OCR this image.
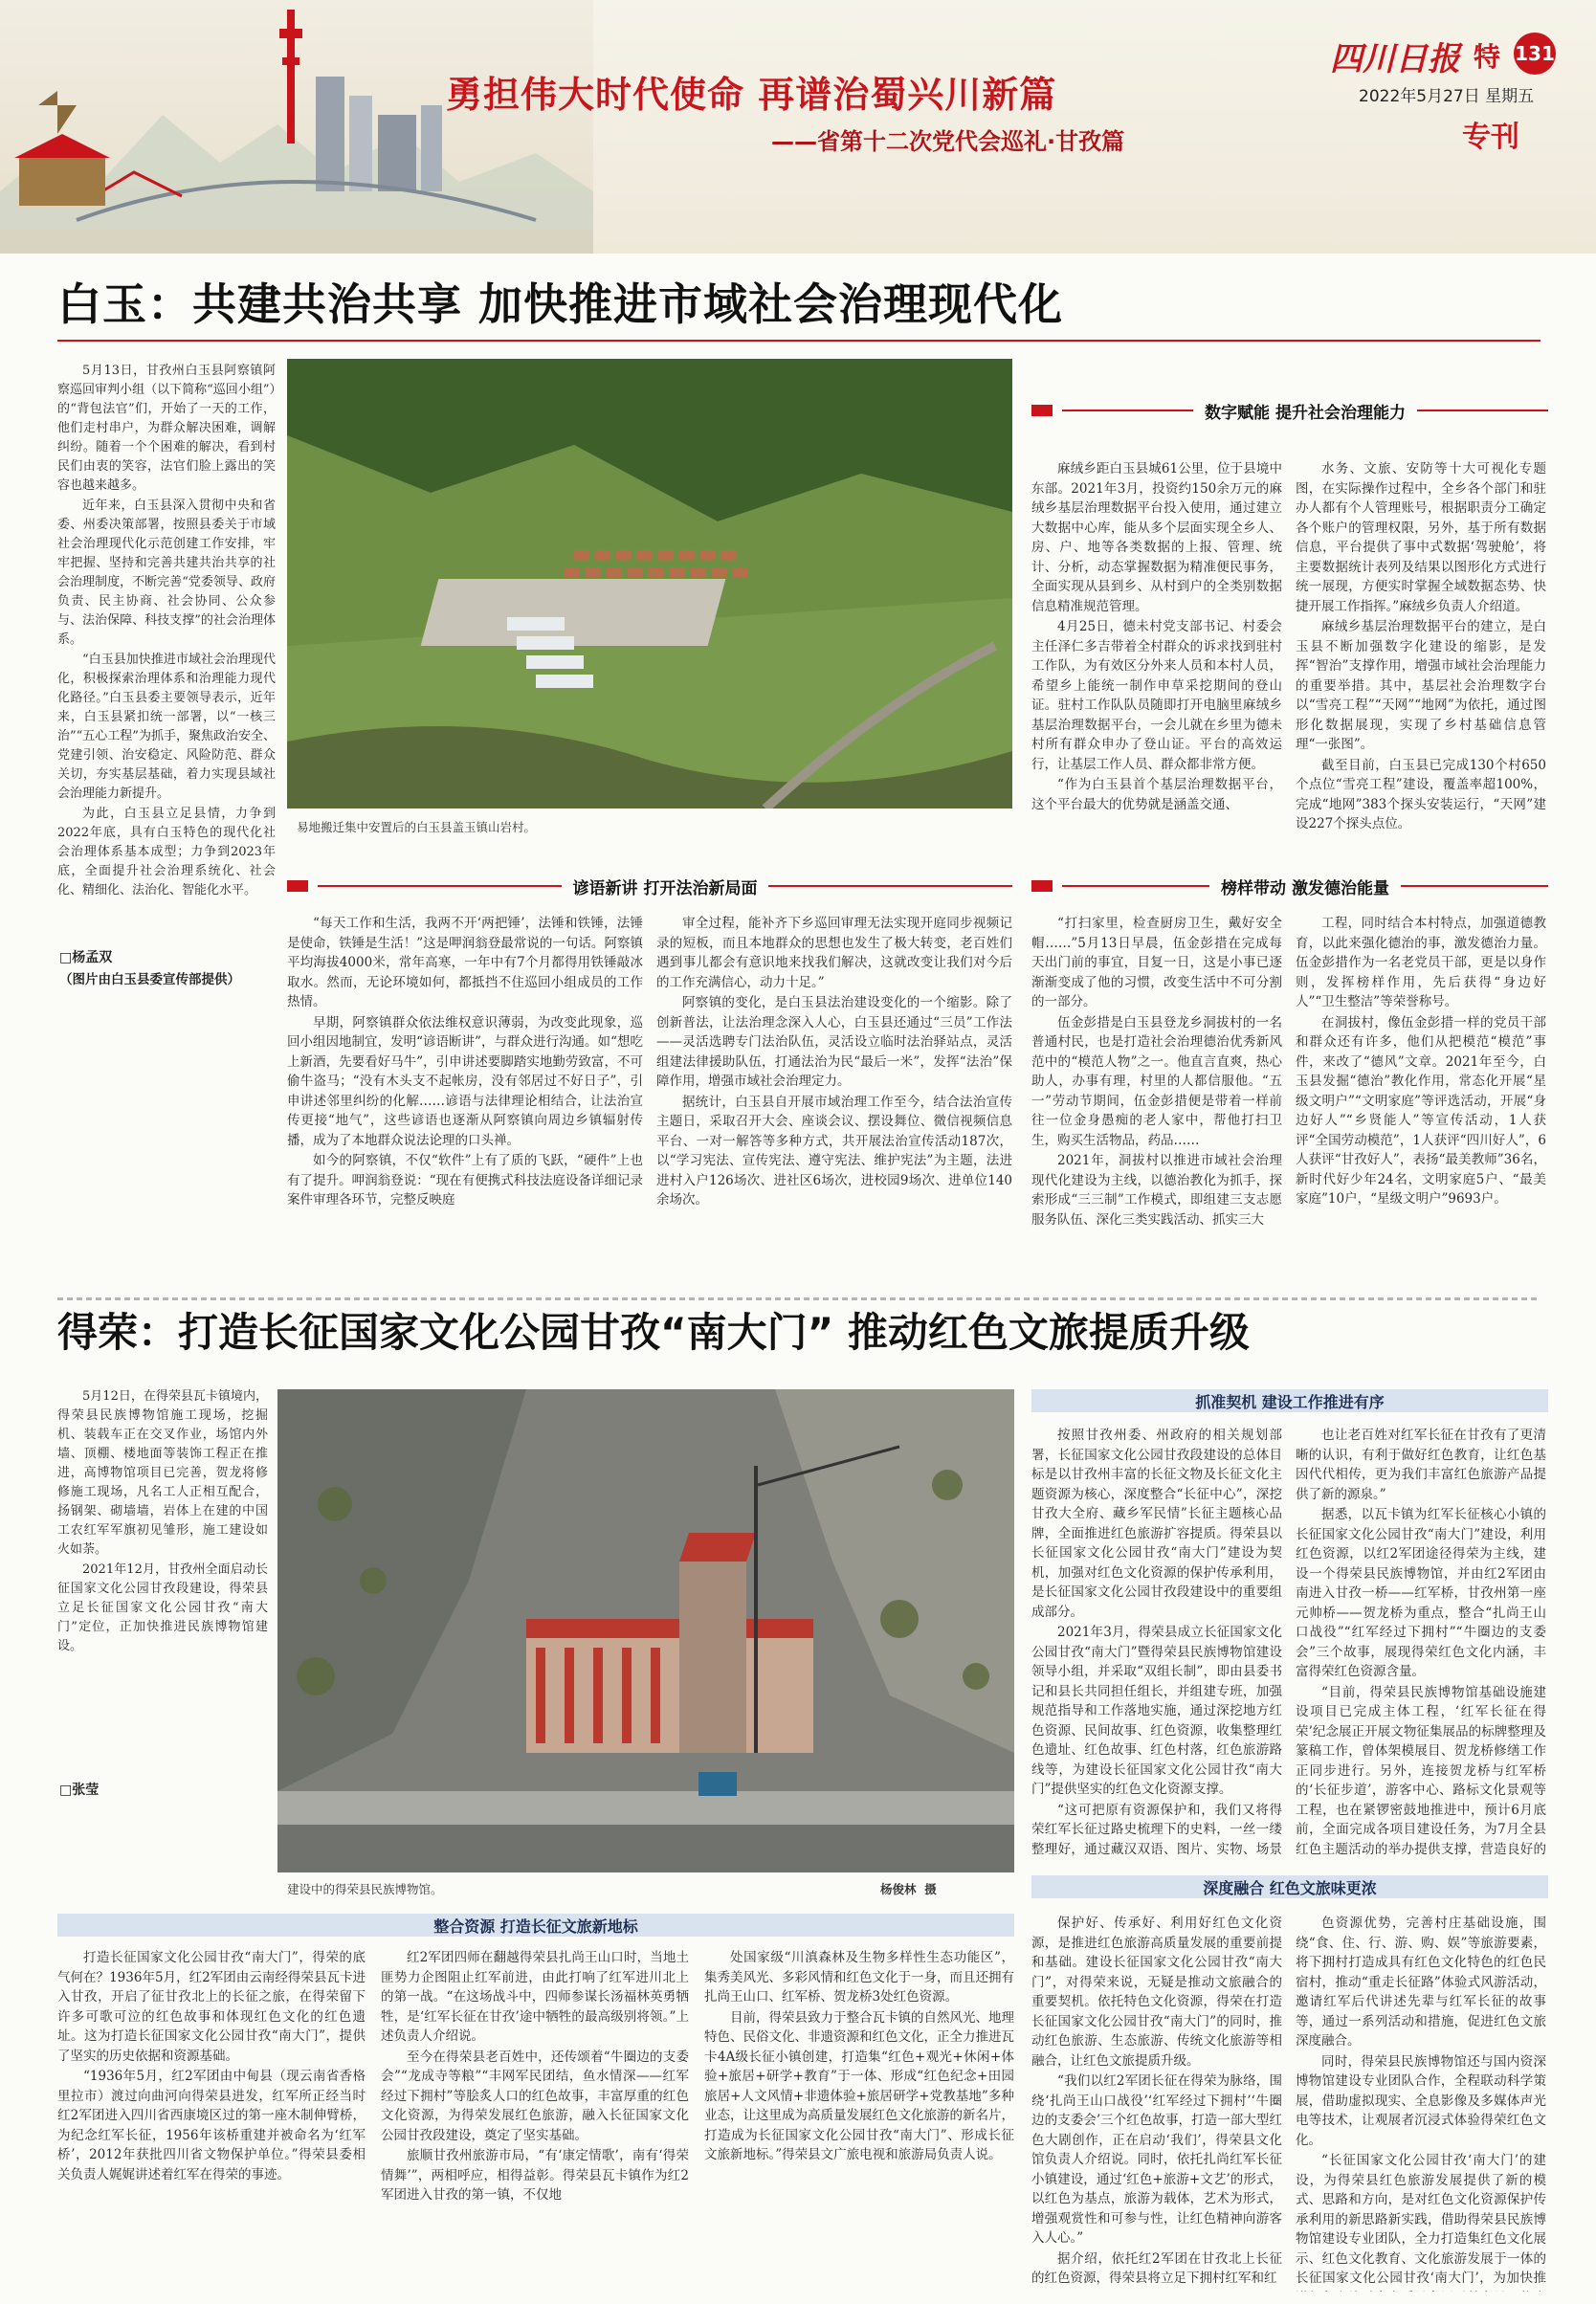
勇担伟大时代使命 再谱治蜀兴川新篇
——省第十二次党代会巡礼·甘孜篇
四川日报 特 131
2022年5月27日 星期五
专刊
白玉：共建共治共享 加快推进市域社会治理现代化

5月13日，甘孜州白玉县阿察镇阿察巡回审判小组（以下简称“巡回小组”）的“背包法官”们，开始了一天的工作，他们走村串户，为群众解决困难，调解纠纷。随着一个个困难的解决，看到村民们由衷的笑容，法官们脸上露出的笑容也越来越多。

近年来，白玉县深入贯彻中央和省委、州委决策部署，按照县委关于市域社会治理现代化示范创建工作安排，牢牢把握、坚持和完善共建共治共享的社会治理制度，不断完善“党委领导、政府负责、民主协商、社会协同、公众参与、法治保障、科技支撑”的社会治理体系。

“白玉县加快推进市域社会治理现代化，积极探索治理体系和治理能力现代化路径。”白玉县委主要领导表示，近年来，白玉县紧扣统一部署，以“一核三治”“五心工程”为抓手，聚焦政治安全、党建引领、治安稳定、风险防范、群众关切，夯实基层基础，着力实现县域社会治理能力新提升。

为此，白玉县立足县情，力争到2022年底，具有白玉特色的现代化社会治理体系基本成型；力争到2023年底，全面提升社会治理系统化、社会化、精细化、法治化、智能化水平。

□杨孟双
（图片由白玉县委宣传部提供）
易地搬迁集中安置后的白玉县盖玉镇山岩村。
谚语新讲 打开法治新局面

“每天工作和生活，我两不开‘两把锤’，法锤和铁锤，法锤是使命，铁锤是生活！”这是呷润翁登最常说的一句话。阿察镇平均海拔4000米，常年高寒，一年中有7个月都得用铁锤敲冰取水。然而，无论环境如何，都抵挡不住巡回小组成员的工作热情。

早期，阿察镇群众依法维权意识薄弱，为改变此现象，巡回小组因地制宜，发明“谚语断讲”，与群众进行沟通。如“想吃上新酒，先要看好马牛”，引申讲述要脚踏实地勤劳致富，不可偷牛盗马；“没有木头支不起帐房，没有邻居过不好日子”，引申讲述邻里纠纷的化解……谚语与法律理论相结合，让法治宣传更接“地气”，这些谚语也逐渐从阿察镇向周边乡镇辐射传播，成为了本地群众说法论理的口头禅。

如今的阿察镇，不仅“软件”上有了质的飞跃，“硬件”上也有了提升。呷润翁登说：“现在有便携式科技法庭设备详细记录案件审理各环节，完整反映庭

审全过程，能补齐下乡巡回审理无法实现开庭同步视频记录的短板，而且本地群众的思想也发生了极大转变，老百姓们遇到事儿都会有意识地来找我们解决，这就改变让我们对今后的工作充满信心，动力十足。”

阿察镇的变化，是白玉县法治建设变化的一个缩影。除了创新普法，让法治理念深入人心，白玉县还通过“三员”工作法——灵活选聘专门法治队伍，灵活设立临时法治驿站点，灵活组建法律援助队伍，打通法治为民“最后一米”，发挥“法治”保障作用，增强市域社会治理定力。

据统计，白玉县自开展市域治理工作至今，结合法治宣传主题日，采取召开大会、座谈会议、摆设舞位、微信视频信息平台、一对一解答等多种方式，共开展法治宣传活动187次，以“学习宪法、宣传宪法、遵守宪法、维护宪法”为主题，法进进村入户126场次、进社区6场次，进校园9场次、进单位140余场次。

数字赋能 提升社会治理能力

麻绒乡距白玉县城61公里，位于县境中东部。2021年3月，投资约150余万元的麻绒乡基层治理数据平台投入使用，通过建立大数据中心库，能从多个层面实现全乡人、房、户、地等各类数据的上报、管理、统计、分析，动态掌握数据为精准便民事务，全面实现从县到乡、从村到户的全类别数据信息精准规范管理。

4月25日，德未村党支部书记、村委会主任泽仁多吉带着全村群众的诉求找到驻村工作队，为有效区分外来人员和本村人员，希望乡上能统一制作申草采挖期间的登山证。驻村工作队队员随即打开电脑里麻绒乡基层治理数据平台，一会儿就在乡里为德未村所有群众申办了登山证。平台的高效运行，让基层工作人员、群众都非常方便。

“作为白玉县首个基层治理数据平台，这个平台最大的优势就是涵盖交通、

水务、文旅、安防等十大可视化专题图，在实际操作过程中，全乡各个部门和驻办人都有个人管理账号，根据职责分工确定各个账户的管理权限，另外，基于所有数据信息，平台提供了事中式数据‘驾驶舱’，将主要数据统计表列及结果以图形化方式进行统一展现，方便实时掌握全域数据态势、快捷开展工作指挥。”麻绒乡负责人介绍道。

麻绒乡基层治理数据平台的建立，是白玉县不断加强数字化建设的缩影，是发挥“智治”支撑作用，增强市域社会治理能力的重要举措。其中，基层社会治理数字台以“雪亮工程”“天网”“地网”为依托，通过图形化数据展现，实现了乡村基础信息管理“一张图”。

截至目前，白玉县已完成130个村650个点位“雪亮工程”建设，覆盖率超100%，完成“地网”383个探头安装运行，“天网”建设227个探头点位。

榜样带动 激发德治能量

“打扫家里，检查厨房卫生，戴好安全帽……”5月13日早晨，伍金彭措在完成每天出门前的事宜，目复一日，这是小事已逐渐渐变成了他的习惯，改变生活中不可分割的一部分。

伍金彭措是白玉县登龙乡洞拔村的一名普通村民，也是打造社会治理德治优秀新风范中的“模范人物”之一。他直言直爽，热心助人，办事有理，村里的人都信服他。“五一”劳动节期间，伍金彭措便是带着一样前往一位金身愚痴的老人家中，帮他打扫卫生，购买生活物品，药品……

2021年，洞拔村以推进市域社会治理现代化建设为主线，以德治教化为抓手，探索形成“三三制”工作模式，即组建三支志愿服务队伍、深化三类实践活动、抓实三大

工程，同时结合本村特点，加强道德教育，以此来强化德治的事，激发德治力量。伍金彭措作为一名老党员干部，更是以身作则，发挥榜样作用，先后获得“身边好人”“卫生整洁”等荣誉称号。

在洞拔村，像伍金彭措一样的党员干部和群众还有许多，他们从把模范“模范”事件，来改了“德风”文章。2021年至今，白玉县发掘“德治”教化作用，常态化开展“星级文明户”“文明家庭”等评选活动，开展“身边好人”“乡贤能人”等宣传活动，1人获评“全国劳动模范”，1人获评“四川好人”，6人获评“甘孜好人”，表扬“最美教师”36名，新时代好少年24名，文明家庭5户、“最美家庭”10户，“星级文明户”9693户。

得荣：打造长征国家文化公园甘孜“南大门” 推动红色文旅提质升级

5月12日，在得荣县瓦卡镇境内，得荣县民族博物馆施工现场，挖掘机、装载车正在交叉作业，场馆内外墙、顶棚、楼地面等装饰工程正在推进，高博物馆项目已完善，贺龙将修修施工现场，凡名工人正相互配合，扬钢架、砌墙墙，岩体上在建的中国工农红军军旗初见雏形，施工建设如火如荼。

2021年12月，甘孜州全面启动长征国家文化公园甘孜段建设，得荣县立足长征国家文化公园甘孜“南大门”定位，正加快推进民族博物馆建设。

□张莹
建设中的得荣县民族博物馆。	杨俊林  摄
抓准契机 建设工作推进有序

按照甘孜州委、州政府的相关规划部署，长征国家文化公园甘孜段建设的总体目标是以甘孜州丰富的长征文物及长征文化主题资源为核心，深度整合“长征中心”，深挖甘孜大全府、藏乡军民情”长征主题核心品牌，全面推进红色旅游扩容提质。得荣县以长征国家文化公园甘孜“南大门”建设为契机，加强对红色文化资源的保护传承利用，是长征国家文化公园甘孜段建设中的重要组成部分。

2021年3月，得荣县成立长征国家文化公园甘孜“南大门”暨得荣县民族博物馆建设领导小组，并采取“双组长制”，即由县委书记和县长共同担任组长，并组建专班，加强规范指导和工作落地实施，通过深挖地方红色资源、民间故事、红色资源，收集整理红色遗址、红色故事、红色村落，红色旅游路线等，为建设长征国家文化公园甘孜“南大门”提供坚实的红色文化资源支撑。

“这可把原有资源保护和，我们又将得荣红军长征过路史梳理下的史料，一丝一缕整理好，通过藏汉双语、图片、实物、场景

也让老百姓对红军长征在甘孜有了更清晰的认识，有利于做好红色教育，让红色基因代代相传，更为我们丰富红色旅游产品提供了新的源泉。”

据悉，以瓦卡镇为红军长征核心小镇的长征国家文化公园甘孜“南大门”建设，利用红色资源，以红2军团途径得荣为主线，建设一个得荣县民族博物馆，并由红2军团由南进入甘孜一桥——红军桥，甘孜州第一座元帅桥——贺龙桥为重点，整合“扎尚王山口战役”“红军经过下拥村”“牛圈边的支委会”三个故事，展现得荣红色文化内涵，丰富得荣红色资源含量。

“目前，得荣县民族博物馆基础设施建设项目已完成主体工程，‘红军长征在得荣’纪念展正开展文物征集展品的标牌整理及篆稿工作，曾体架模展目、贺龙桥修缮工作正同步进行。另外，连接贺龙桥与红军桥的‘长征步道’，游客中心、路标文化景观等工程，也在紧锣密鼓地推进中，预计6月底前，全面完成各项目建设任务，为7月全县红色主题活动的举办提供支撑，营造良好的

深度融合 红色文旅味更浓

保护好、传承好、利用好红色文化资源，是推进红色旅游高质量发展的重要前提和基础。建设长征国家文化公园甘孜“南大门”，对得荣来说，无疑是推动文旅融合的重要契机。依托特色文化资源，得荣在打造长征国家文化公园甘孜“南大门”的同时，推动红色旅游、生态旅游、传统文化旅游等相融合，让红色文旅提质升级。

“我们以红2军团长征在得荣为脉络，围绕‘扎尚王山口战役’‘红军经过下拥村’‘牛圈边的支委会’三个红色故事，打造一部大型红色大剧创作，正在启动‘我们’，得荣县文化馆负责人介绍说。同时，依托扎尚红军长征小镇建设，通过‘红色+旅游+文艺’的形式，以红色为基点，旅游为载体，艺术为形式，增强观赏性和可参与性，让红色精神向游客入人心。”

据介绍，依托红2军团在甘孜北上长征的红色资源，得荣县将立足下拥村红军和红

色资源优势，完善村庄基础设施，围绕“食、住、行、游、购、娱”等旅游要素，将下拥村打造成具有红色文化特色的红色民宿村，推动“重走长征路”体验式风游活动，邀请红军后代讲述先辈与红军长征的故事等，通过一系列活动和措施，促进红色文旅深度融合。

同时，得荣县民族博物馆还与国内资深博物馆建设专业团队合作，全程联动科学策展，借助虚拟现实、全息影像及多媒体声光电等技术，让观展者沉浸式体验得荣红色文化。

“长征国家文化公园甘孜‘南大门’的建设，为得荣县红色旅游发展提供了新的模式、思路和方向，是对红色文化资源保护传承利用的新思路新实践，借助得荣县民族博物馆建设专业团队，全力打造集红色文化展示、红色文化教育、文化旅游发展于一体的长征国家文化公园甘孜‘南大门’，为加快推

整合资源 打造长征文旅新地标

打造长征国家文化公园甘孜“南大门”，得荣的底气何在？1936年5月，红2军团由云南经得荣县瓦卡进入甘孜，开启了征甘孜北上的长征之旅，在得荣留下许多可歌可泣的红色故事和体现红色文化的红色遗址。这为打造长征国家文化公园甘孜“南大门”，提供了坚实的历史依据和资源基础。

“1936年5月，红2军团由中甸县（现云南省香格里拉市）渡过向曲河向得荣县进发，红军所正经当时红2军团进入四川省西康境区过的第一座木制伸臂桥，为纪念红军长征，1956年该桥重建并被命名为‘红军桥’，2012年获批四川省文物保护单位。”得荣县委相关负责人娓娓讲述着红军在得荣的事迹。

红2军团四师在翻越得荣县扎尚王山口时，当地土匪势力企图阻止红军前进，由此打响了红军进川北上的第一战。“在这场战斗中，四师参谋长汤福林英勇牺牲，是‘红军长征在甘孜’途中牺牲的最高级别将领。”上述负责人介绍说。

至今在得荣县老百姓中，还传颂着“牛圈边的支委会”“龙成寺等粮”“丰网军民团结，鱼水情深——红军经过下拥村”等脍炙人口的红色故事，丰富厚重的红色文化资源，为得荣发展红色旅游，融入长征国家文化公园甘孜段建设，奠定了坚实基础。

旅顺甘孜州旅游市局，“有‘康定情歌’，南有‘得荣情舞’”，两相呼应，相得益彰。得荣县瓦卡镇作为红2军团进入甘孜的第一镇，不仅地

处国家级“川滇森林及生物多样性生态功能区”，集秀美风光、多彩风情和红色文化于一身，而且还拥有扎尚王山口、红军桥、贺龙桥3处红色资源。

目前，得荣县致力于整合瓦卡镇的自然风光、地理特色、民俗文化、非遗资源和红色文化，正全力推进瓦卡4A级长征小镇创建，打造集“红色+观光+休闲+体验+旅居+研学+教育”于一体、形成“红色纪念+田园旅居+人文风情+非遗体验+旅居研学+党教基地”多种业态，让这里成为高质量发展红色文化旅游的新名片，打造成为长征国家文化公园甘孜“南大门”、形成长征文旅新地标。”得荣县文广旅电视和旅游局负责人说。
